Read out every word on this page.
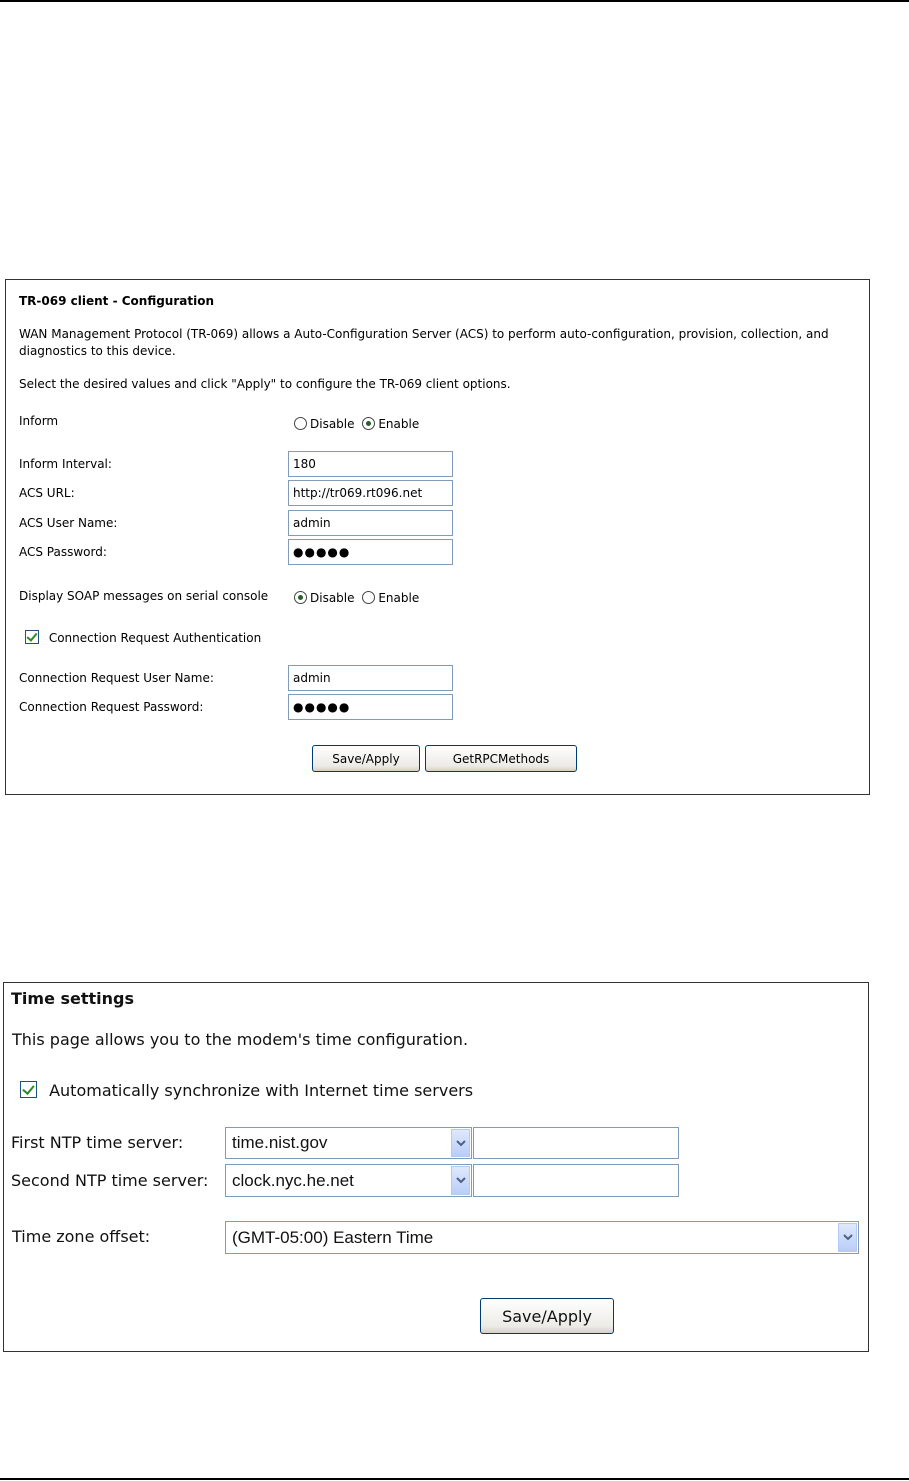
TR-069 client - Configuration
WAN Management Protocol (TR-069) allows a Auto-Configuration Server (ACS) to perform auto-configuration, provision, collection, and diagnostics to this device.
Select the desired values and click "Apply" to configure the TR-069 client options.
Inform	Disable Enable
Inform Interval:	180
ACS URL:	http://tr069.rt096.net
ACS User Name:	admin
ACS Password:	●●●●●
Display SOAP messages on serial console	Disable Enable
Connection Request Authentication
Connection Request User Name:	admin
Connection Request Password:	●●●●●
Save/Apply	GetRPCMethods
Time settings
This page allows you to the modem's time configuration.
Automatically synchronize with Internet time servers
First NTP time server:	time.nist.gov
Second NTP time server: clock.nyc.he.net
Time zone offset:	(GMT-05:00) Eastern Time
Save/Apply
